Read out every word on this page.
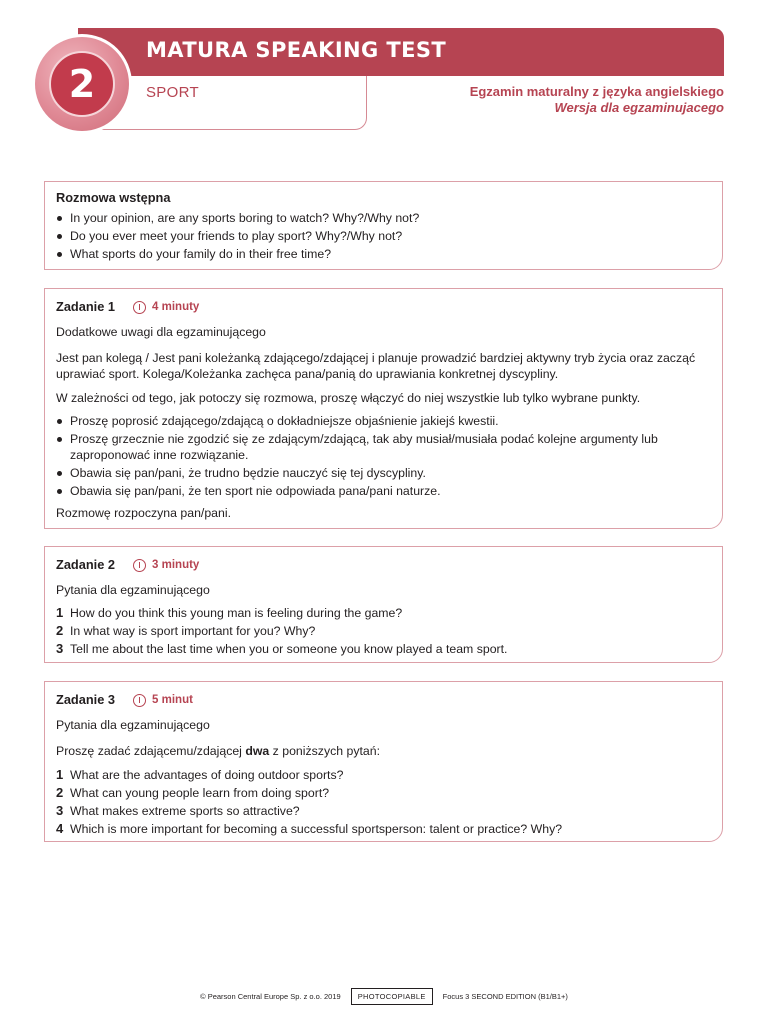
MATURA SPEAKING TEST
SPORT
2	Egzamin maturalny z języka angielskiego
Wersja dla egzaminujacego
Rozmowa wstępna
In your opinion, are any sports boring to watch? Why?/Why not?
Do you ever meet your friends to play sport? Why?/Why not?
What sports do your family do in their free time?
Zadanie 1	4 minuty
Dodatkowe uwagi dla egzaminującego
Jest pan kolegą / Jest pani koleżanką zdającego/zdającej i planuje prowadzić bardziej aktywny tryb życia oraz zacząć uprawiać sport. Kolega/Koleżanka zachęca pana/panią do uprawiania konkretnej dyscypliny.
W zależności od tego, jak potoczy się rozmowa, proszę włączyć do niej wszystkie lub tylko wybrane punkty.
Proszę poprosić zdającego/zdającą o dokładniejsze objaśnienie jakiejś kwestii.
Proszę grzecznie nie zgodzić się ze zdającym/zdającą, tak aby musiał/musiała podać kolejne argumenty lub zaproponować inne rozwiązanie.
Obawia się pan/pani, że trudno będzie nauczyć się tej dyscypliny.
Obawia się pan/pani, że ten sport nie odpowiada pana/pani naturze.
Rozmowę rozpoczyna pan/pani.
Zadanie 2	3 minuty
Pytania dla egzaminującego
1 How do you think this young man is feeling during the game?
2 In what way is sport important for you? Why?
3 Tell me about the last time when you or someone you know played a team sport.
Zadanie 3	5 minut
Pytania dla egzaminującego
Proszę zadać zdającemu/zdającej dwa z poniższych pytań:
1 What are the advantages of doing outdoor sports?
2 What can young people learn from doing sport?
3 What makes extreme sports so attractive?
4 Which is more important for becoming a successful sportsperson: talent or practice? Why?
© Pearson Central Europe Sp. z o.o. 2019	PHOTOCOPIABLE	Focus 3 SECOND EDITION (B1/B1+)
